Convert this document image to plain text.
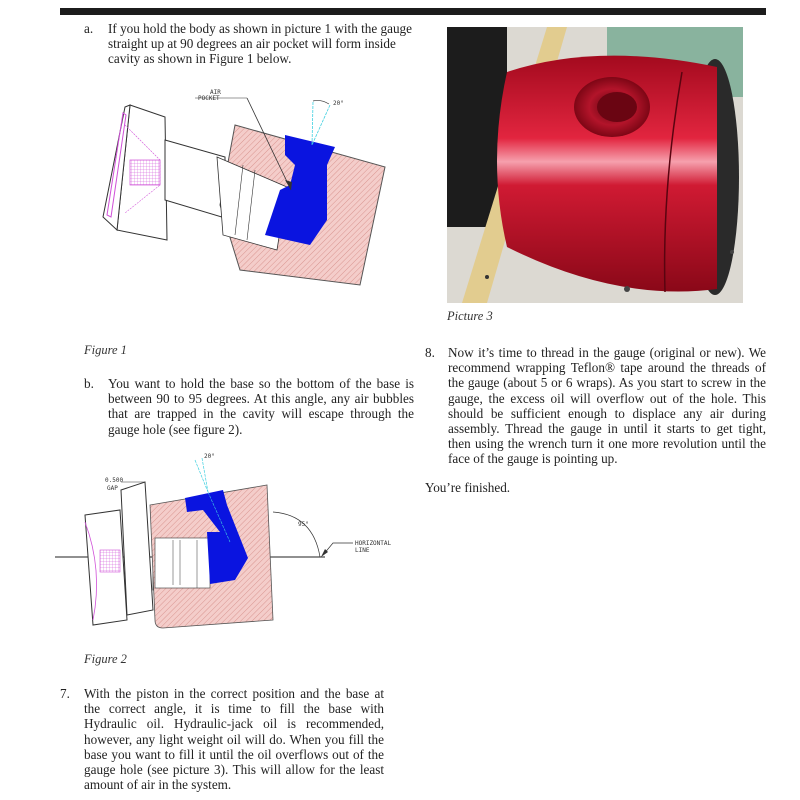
a. If you hold the body as shown in picture 1 with the gauge straight up at 90 degrees an air pocket will form inside cavity as shown in Figure 1 below.
AIR
POCKET
20°
Figure 1
b. You want to hold the base so the bottom of the base is between 90 to 95 degrees. At this angle, any air bubbles that are trapped in the cavity will escape through the gauge hole (see figure 2).
0.500
GAP
20°
95°
HORIZONTAL
LINE
Figure 2
7. With the piston in the correct position and the base at the correct angle, it is time to fill the base with Hydraulic oil. Hydraulic-jack oil is recommended, however, any light weight oil will do. When you fill the base you want to fill it until the oil overflows out of the gauge hole (see picture 3). This will allow for the least amount of air in the system.
Picture 3
8. Now it’s time to thread in the gauge (original or new). We recommend wrapping Teflon® tape around the threads of the gauge (about 5 or 6 wraps). As you start to screw in the gauge, the excess oil will overflow out of the hole. This should be sufficient enough to displace any air during assembly. Thread the gauge in until it starts to get tight, then using the wrench turn it one more revolution until the face of the gauge is pointing up.
You’re finished.
